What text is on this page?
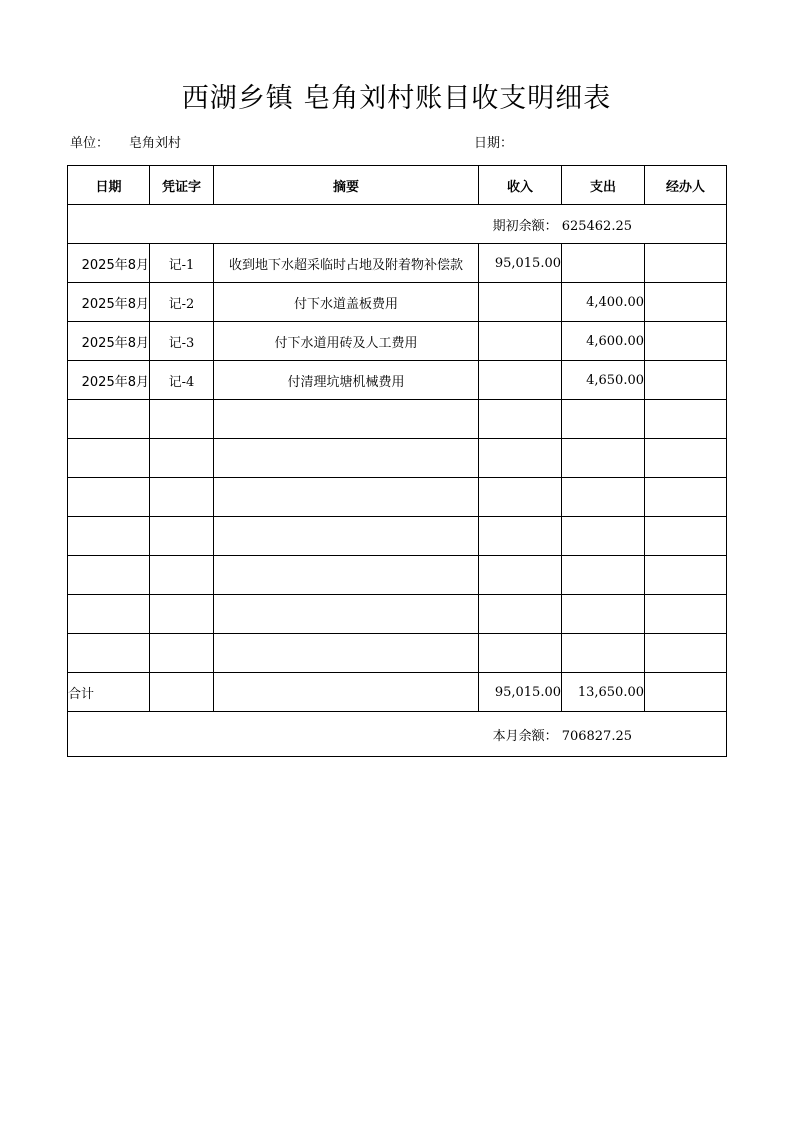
西湖乡镇 皂角刘村账目收支明细表
单位： 皂角刘村	日期：
日期	凭证字	摘要	收入	支出	经办人
期初余额： 625462.25					
2025年8月	记-1	收到地下水超采临时占地及附着物补偿款	95,015.00		
2025年8月	记-2	付下水道盖板费用		4,400.00	
2025年8月	记-3	付下水道用砖及人工费用		4,600.00	
2025年8月	记-4	付清理坑塘机械费用		4,650.00	

合计			95,015.00	13,650.00	
本月余额： 706827.25					
